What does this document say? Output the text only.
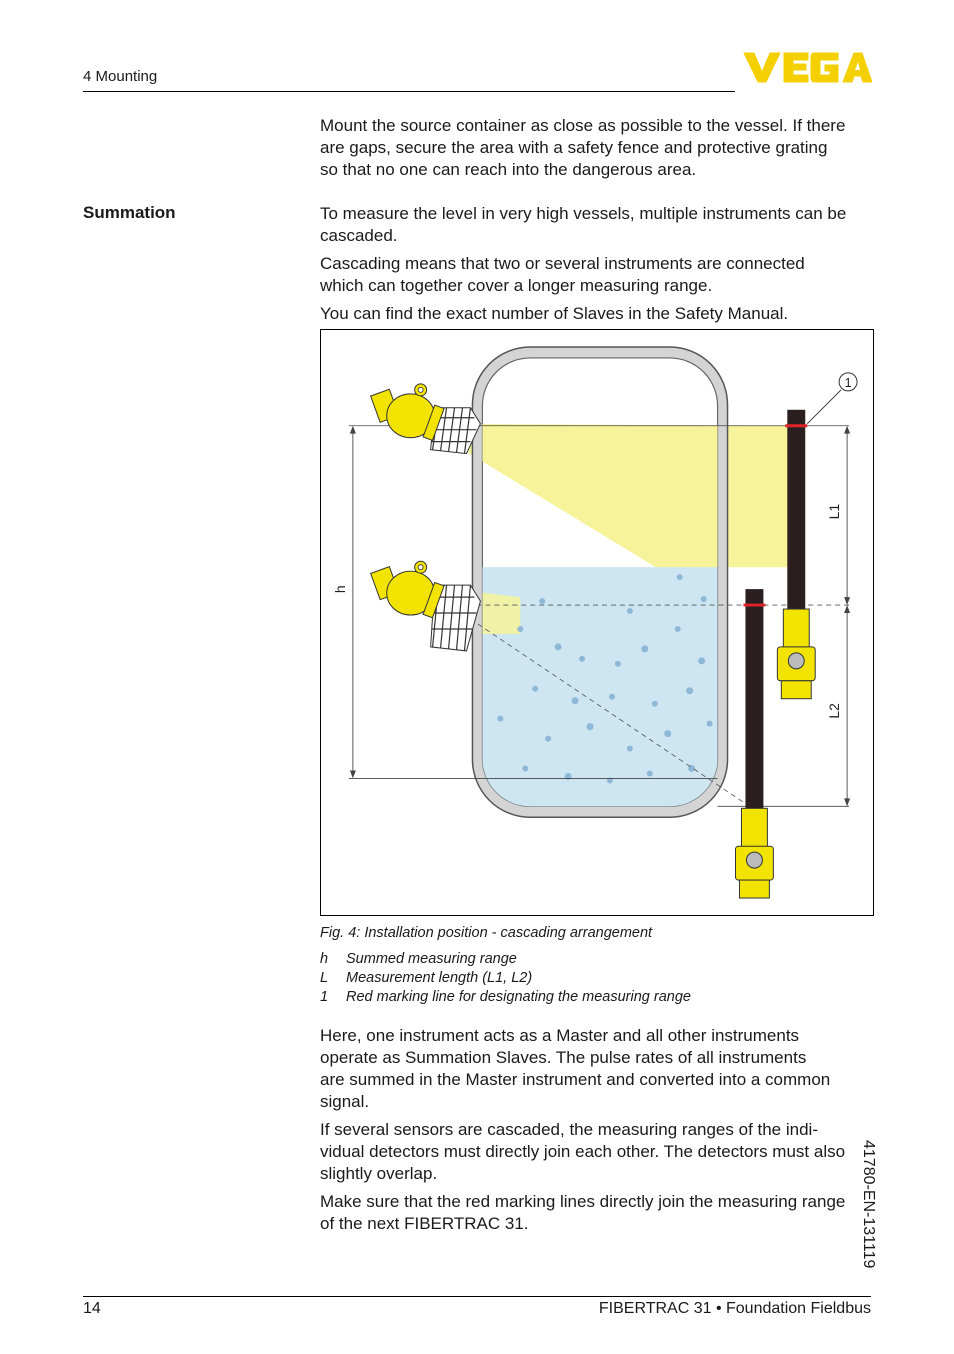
4 Mounting
Mount the source container as close as possible to the vessel. If there
are gaps, secure the area with a safety fence and protective grating
so that no one can reach into the dangerous area.
Summation	To measure the level in very high vessels, multiple instruments can be
cascaded.
Cascading means that two or several instruments are connected
which can together cover a longer measuring range.
You can find the exact number of Slaves in the Safety Manual.
h
L1
L2
1
Fig. 4: Installation position - cascading arrangement
h Summed measuring range
L Measurement length (L1, L2)
1 Red marking line for designating the measuring range
Here, one instrument acts as a Master and all other instruments
operate as Summation Slaves. The pulse rates of all instruments
are summed in the Master instrument and converted into a common
signal.
If several sensors are cascaded, the measuring ranges of the indi-
vidual detectors must directly join each other. The detectors must also
slightly overlap.
Make sure that the red marking lines directly join the measuring range
of the next FIBERTRAC 31.	41780-EN-131119
14	FIBERTRAC 31 • Foundation Fieldbus
